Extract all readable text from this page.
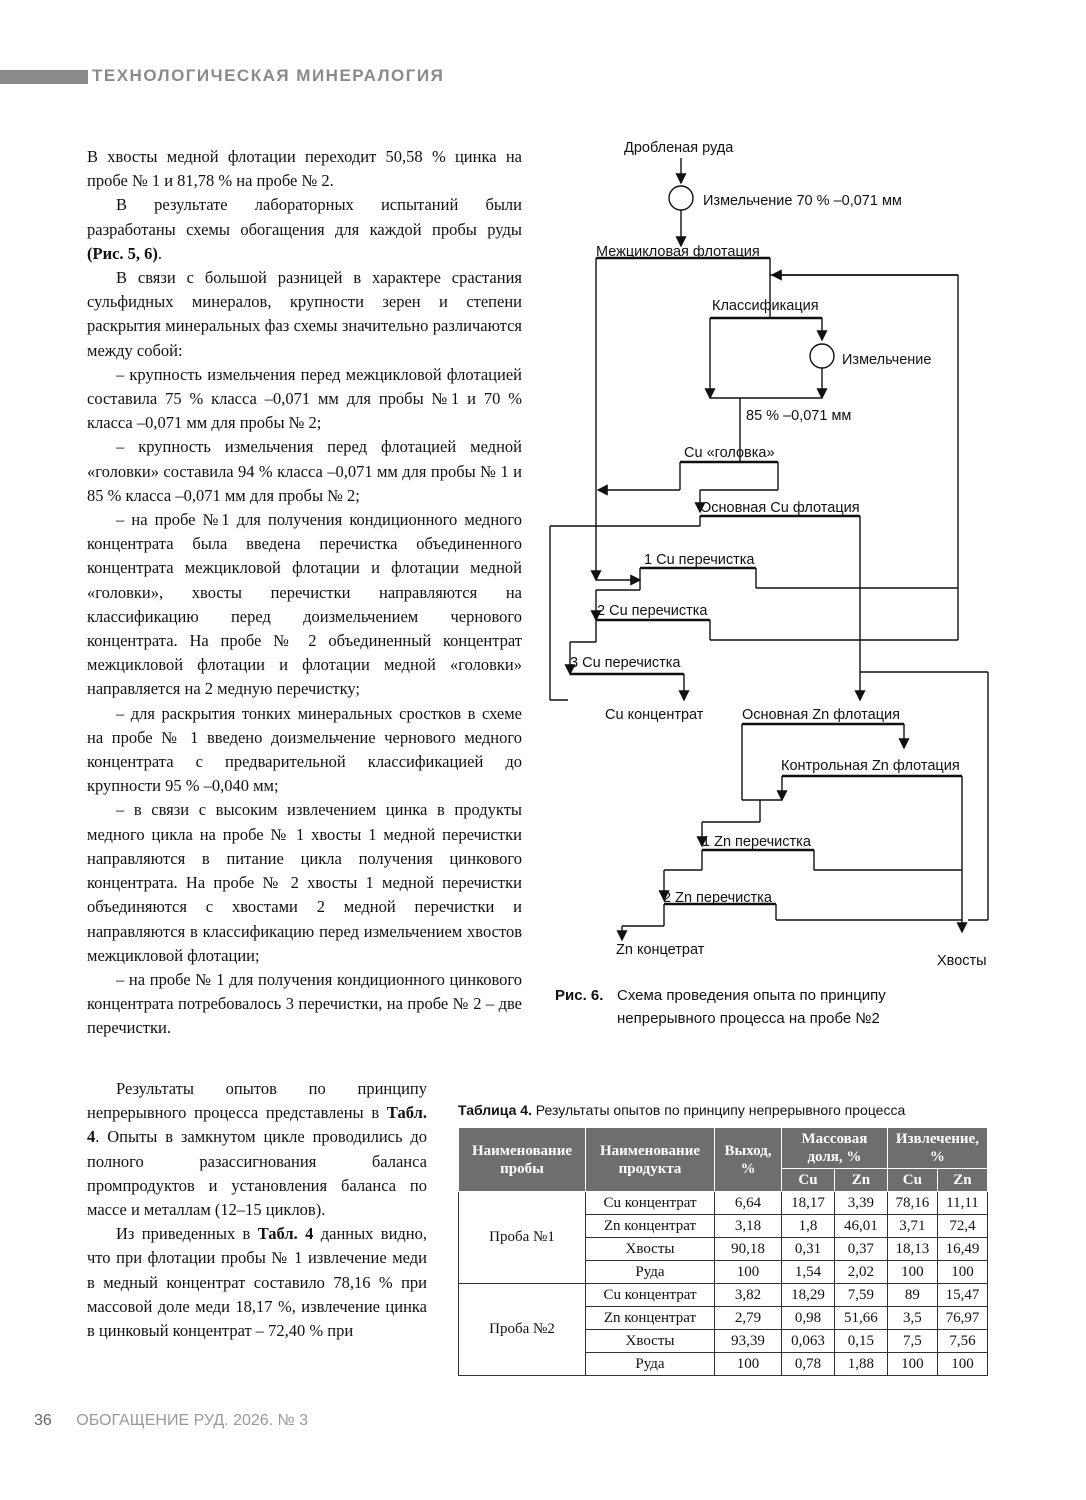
ТЕХНОЛОГИЧЕСКАЯ МИНЕРАЛОГИЯ

В хвосты медной флотации переходит 50,58 % цинка на пробе № 1 и 81,78 % на пробе № 2.

В результате лабораторных испытаний были разработаны схемы обогащения для каждой пробы руды (Рис. 5, 6).

В связи с большой разницей в характере срастания сульфидных минералов, крупности зерен и степени раскрытия минеральных фаз схемы значительно различаются между собой:

– крупность измельчения перед межцикловой флотацией составила 75 % класса –0,071 мм для пробы №1 и 70 % класса –0,071 мм для пробы № 2;

– крупность измельчения перед флотацией медной «головки» составила 94 % класса –0,071 мм для пробы № 1 и 85 % класса –0,071 мм для пробы № 2;

– на пробе №1 для получения кондиционного медного концентрата была введена перечистка объединенного концентрата межцикловой флотации и флотации медной «головки», хвосты перечистки направляются на классификацию перед доизмельчением чернового концентрата. На пробе № 2 объединенный концентрат межцикловой флотации и флотации медной «головки» направляется на 2 медную перечистку;

– для раскрытия тонких минеральных сростков в схеме на пробе № 1 введено доизмельчение чернового медного концентрата с предварительной классификацией до крупности 95 % –0,040 мм;

– в связи с высоким извлечением цинка в продукты медного цикла на пробе № 1 хвосты 1 медной перечистки направляются в питание цикла получения цинкового концентрата. На пробе № 2 хвосты 1 медной перечистки объединяются с хвостами 2 медной перечистки и направляются в классификацию перед измельчением хвостов межцикловой флотации;

– на пробе № 1 для получения кондиционного цинкового концентрата потребовалось 3 перечистки, на пробе № 2 – две перечистки.

Результаты опытов по принципу непрерывного процесса представлены в Табл. 4. Опыты в замкнутом цикле проводились до полного разассигнования баланса промпродуктов и установления баланса по массе и металлам (12–15 циклов).

Из приведенных в Табл. 4 данных видно, что при флотации пробы № 1 извлечение меди в медный концентрат составило 78,16 % при массовой доле меди 18,17 %, извлечение цинка в цинковый концентрат – 72,40 % при

Дробленая руда
Измельчение 70 % –0,071 мм
Межцикловая флотация
Классификация
Измельчение
85 % –0,071 мм
Cu «головка»
Основная Cu флотация
1 Cu перечистка
2 Cu перечистка
3 Cu перечистка
Cu концентрат	Основная Zn флотация
Контрольная Zn флотация
1 Zn перечистка
2 Zn перечистка
Zn концетрат
Хвосты
Рис. 6. Схема проведения опыта по принципу непрерывного процесса на пробе №2
Таблица 4. Результаты опытов по принципу непрерывного процесса
Наименование пробы	Наименование продукта	Выход, %	Массовая доля, %		Извлечение, %	
			Cu	Zn	Cu	Zn
Проба №1	Cu концентрат	6,64	18,17	3,39	78,16	11,11
	Zn концентрат	3,18	1,8	46,01	3,71	72,4
	Хвосты	90,18	0,31	0,37	18,13	16,49
	Руда	100	1,54	2,02	100	100
Проба №2	Cu концентрат	3,82	18,29	7,59	89	15,47
	Zn концентрат	2,79	0,98	51,66	3,5	76,97
	Хвосты	93,39	0,063	0,15	7,5	7,56
	Руда	100	0,78	1,88	100	100
36 ОБОГАЩЕНИЕ РУД. 2026. № 3
